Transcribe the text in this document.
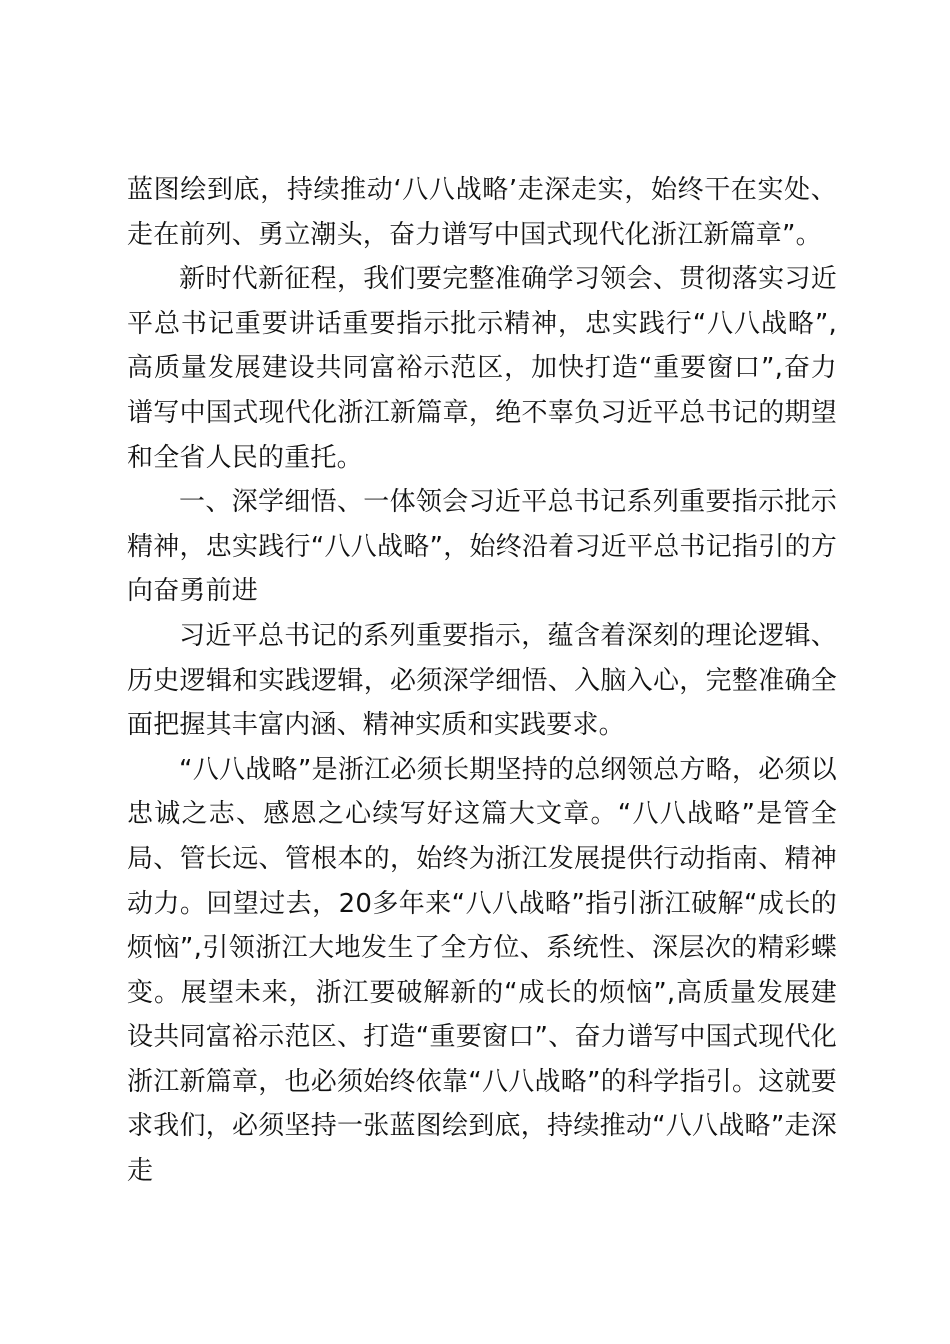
蓝图绘到底，持续推动‘八八战略’走深走实，始终干在实处、走在前列、勇立潮头，奋力谱写中国式现代化浙江新篇章”。

新时代新征程，我们要完整准确学习领会、贯彻落实习近平总书记重要讲话重要指示批示精神，忠实践行“八八战略”,高质量发展建设共同富裕示范区，加快打造“重要窗口”,奋力谱写中国式现代化浙江新篇章，绝不辜负习近平总书记的期望和全省人民的重托。

一、深学细悟、一体领会习近平总书记系列重要指示批示精神，忠实践行“八八战略”，始终沿着习近平总书记指引的方向奋勇前进

习近平总书记的系列重要指示，蕴含着深刻的理论逻辑、历史逻辑和实践逻辑，必须深学细悟、入脑入心，完整准确全面把握其丰富内涵、精神实质和实践要求。

“八八战略”是浙江必须长期坚持的总纲领总方略，必须以忠诚之志、感恩之心续写好这篇大文章。“八八战略”是管全局、管长远、管根本的，始终为浙江发展提供行动指南、精神动力。回望过去，20多年来“八八战略”指引浙江破解“成长的烦恼”,引领浙江大地发生了全方位、系统性、深层次的精彩蝶变。展望未来，浙江要破解新的“成长的烦恼”,高质量发展建设共同富裕示范区、打造“重要窗口”、奋力谱写中国式现代化浙江新篇章，也必须始终依靠“八八战略”的科学指引。这就要求我们，必须坚持一张蓝图绘到底，持续推动“八八战略”走深走
